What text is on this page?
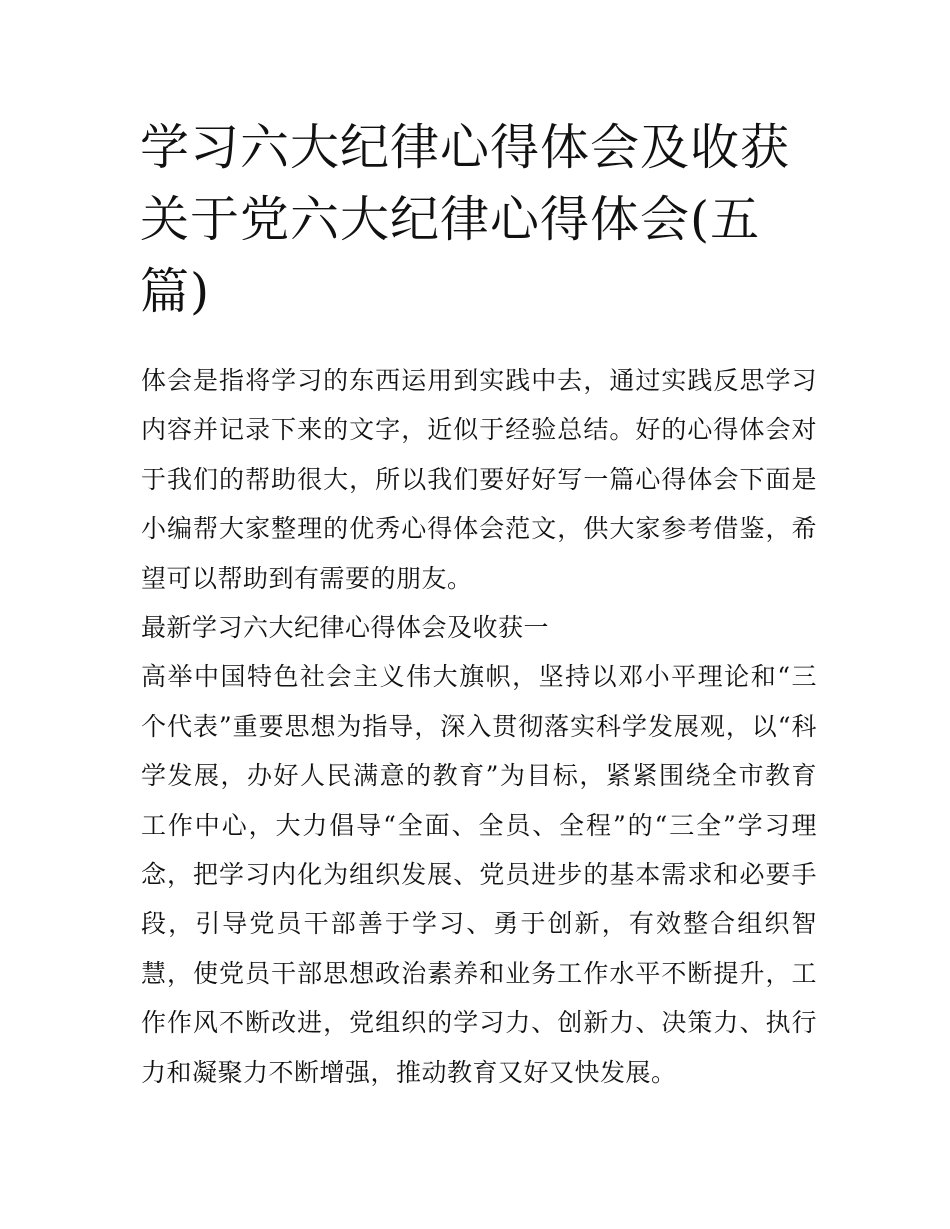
学习六大纪律心得体会及收获关于党六大纪律心得体会(五篇)

体会是指将学习的东西运用到实践中去，通过实践反思学习内容并记录下来的文字，近似于经验总结。好的心得体会对于我们的帮助很大，所以我们要好好写一篇心得体会下面是小编帮大家整理的优秀心得体会范文，供大家参考借鉴，希望可以帮助到有需要的朋友。

最新学习六大纪律心得体会及收获一

高举中国特色社会主义伟大旗帜，坚持以邓小平理论和“三个代表”重要思想为指导，深入贯彻落实科学发展观，以“科学发展，办好人民满意的教育”为目标，紧紧围绕全市教育工作中心，大力倡导“全面、全员、全程”的“三全”学习理念，把学习内化为组织发展、党员进步的基本需求和必要手段，引导党员干部善于学习、勇于创新，有效整合组织智慧，使党员干部思想政治素养和业务工作水平不断提升，工作作风不断改进，党组织的学习力、创新力、决策力、执行力和凝聚力不断增强，推动教育又好又快发展。
